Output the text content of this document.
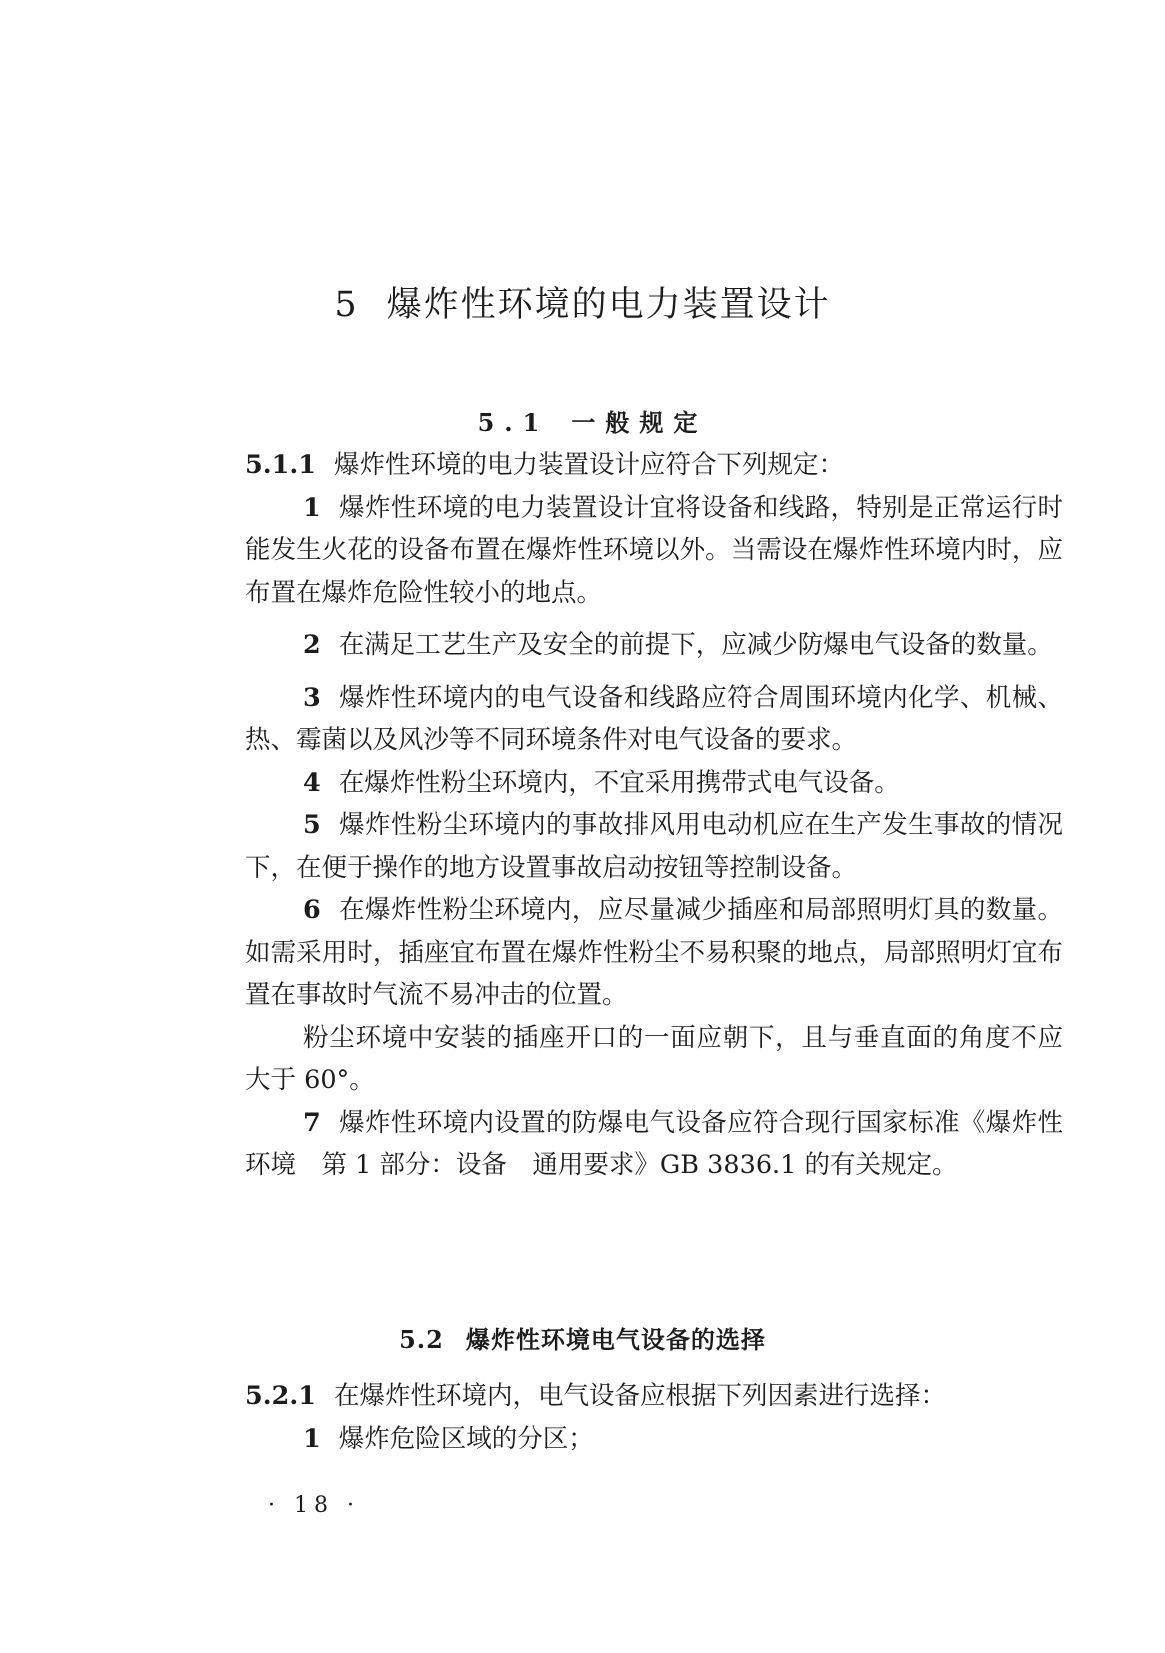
5 爆炸性环境的电力装置设计
5.1 一般规定

5.1.1 爆炸性环境的电力装置设计应符合下列规定：

1 爆炸性环境的电力装置设计宜将设备和线路，特别是正常运行时能发生火花的设备布置在爆炸性环境以外。当需设在爆炸性环境内时，应布置在爆炸危险性较小的地点。

2 在满足工艺生产及安全的前提下，应减少防爆电气设备的数量。

3 爆炸性环境内的电气设备和线路应符合周围环境内化学、机械、热、霉菌以及风沙等不同环境条件对电气设备的要求。

4 在爆炸性粉尘环境内，不宜采用携带式电气设备。

5 爆炸性粉尘环境内的事故排风用电动机应在生产发生事故的情况下，在便于操作的地方设置事故启动按钮等控制设备。

6 在爆炸性粉尘环境内，应尽量减少插座和局部照明灯具的数量。如需采用时，插座宜布置在爆炸性粉尘不易积聚的地点，局部照明灯宜布置在事故时气流不易冲击的位置。

粉尘环境中安装的插座开口的一面应朝下，且与垂直面的角度不应大于 60°。

7 爆炸性环境内设置的防爆电气设备应符合现行国家标准《爆炸性环境　第 1 部分：设备　通用要求》GB 3836.1 的有关规定。

5.2 爆炸性环境电气设备的选择

5.2.1 在爆炸性环境内，电气设备应根据下列因素进行选择：

1 爆炸危险区域的分区；

· 18 ·
